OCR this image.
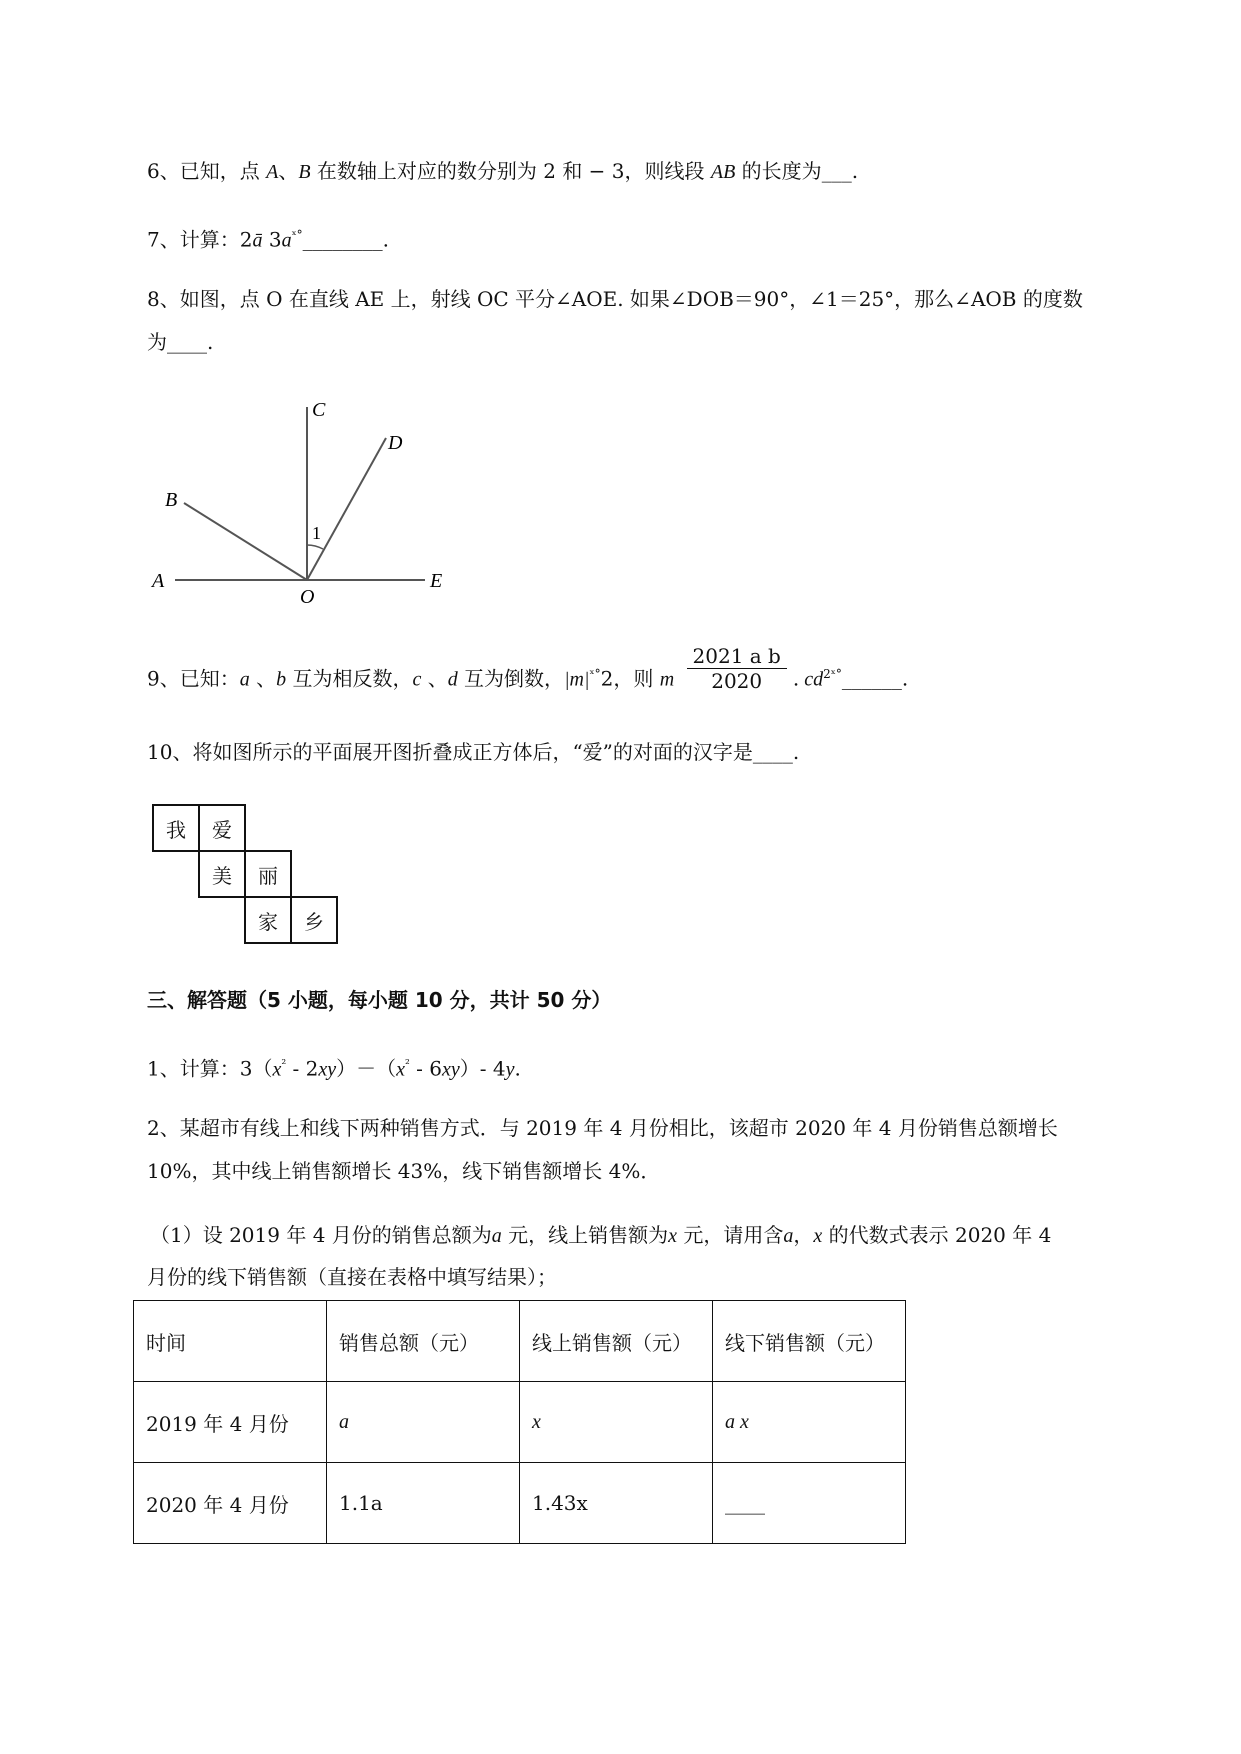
6、已知，点 A、B 在数轴上对应的数分别为 2 和 − 3，则线段 AB 的长度为___.
7、计算：2ā $3a^{ˣ^\circ}\_\_\_\_\_\_\_\_$.
8、如图，点 O 在直线 AE 上，射线 OC 平分∠AOE. 如果∠DOB＝90°，∠1＝25°，那么∠AOB 的度数
为____.
C
D
B
A
O
E
1
9、已知：a 、b 互为相反数，c 、d 互为倒数，$|m|^{ˣ^\circ}2$，则 m $\frac{\text{2021 a b}}{2020}$ . $cd^{2ˣ^\circ}\_\_\_\_\_\_$.
10、将如图所示的平面展开图折叠成正方体后，“爱”的对面的汉字是____.
我	爱
美	丽
家	乡
三、解答题（5 小题，每小题 10 分，共计 50 分）
1、计算：$3(x^{^2} - 2xy)-(x^{^2} - 6xy)-$ 4y.
2、某超市有线上和线下两种销售方式．与 2019 年 4 月份相比，该超市 2020 年 4 月份销售总额增长
10%，其中线上销售额增长 43%，线下销售额增长 4%．
（1）设 2019 年 4 月份的销售总额为a 元，线上销售额为x 元，请用含a，x 的代数式表示 2020 年 4
月份的线下销售额（直接在表格中填写结果）；
时间	销售总额（元）	线上销售额（元）	线下销售额（元）
2019 年 4 月份	a	x	a x
2020 年 4 月份	1.1a	1.43x	____
